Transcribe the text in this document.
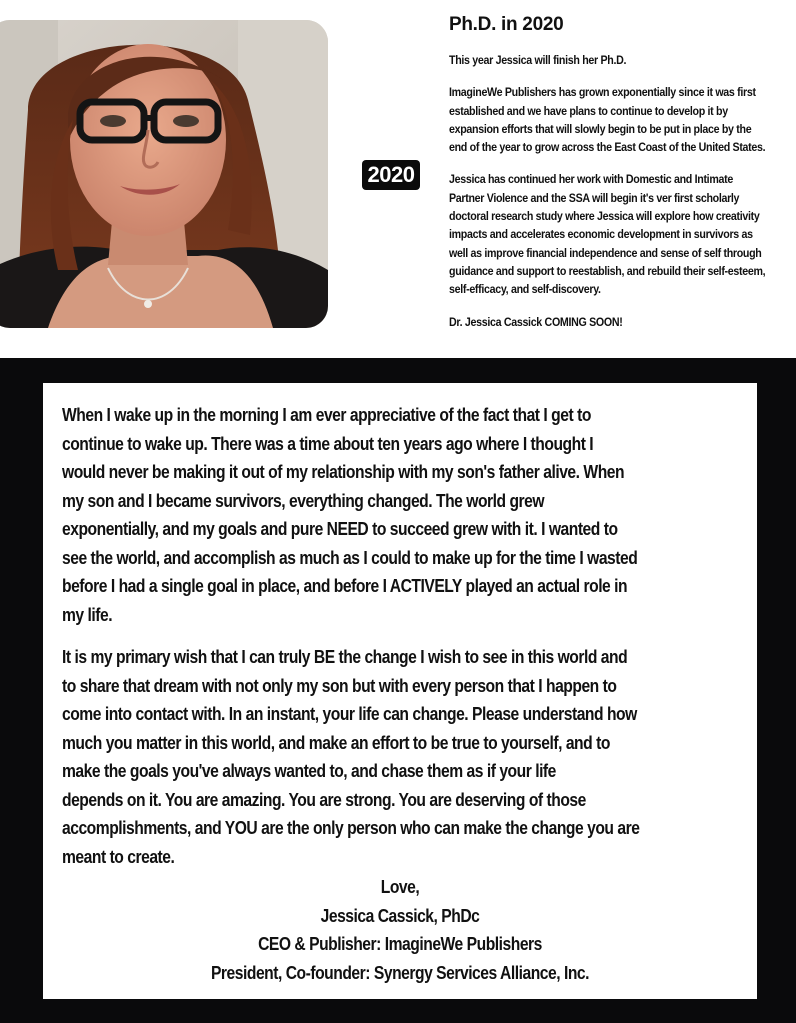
2020
Ph.D. in 2020
This year Jessica will finish her Ph.D.
ImagineWe Publishers has grown exponentially since it was first
established and we have plans to continue to develop it by
expansion efforts that will slowly begin to be put in place by the
end of the year to grow across the East Coast of the United States.
Jessica has continued her work with Domestic and Intimate
Partner Violence and the SSA will begin it's ver first scholarly
doctoral research study where Jessica will explore how creativity
impacts and accelerates economic development in survivors as
well as improve financial independence and sense of self through
guidance and support to reestablish, and rebuild their self-esteem,
self-efficacy, and self-discovery.
Dr. Jessica Cassick COMING SOON!
When I wake up in the morning I am ever appreciative of the fact that I get to
continue to wake up. There was a time about ten years ago where I thought I
would never be making it out of my relationship with my son's father alive. When
my son and I became survivors, everything changed. The world grew
exponentially, and my goals and pure NEED to succeed grew with it. I wanted to
see the world, and accomplish as much as I could to make up for the time I wasted
before I had a single goal in place, and before I ACTIVELY played an actual role in
my life.
It is my primary wish that I can truly BE the change I wish to see in this world and
to share that dream with not only my son but with every person that I happen to
come into contact with. In an instant, your life can change. Please understand how
much you matter in this world, and make an effort to be true to yourself, and to
make the goals you've always wanted to, and chase them as if your life
depends on it. You are amazing. You are strong. You are deserving of those
accomplishments, and YOU are the only person who can make the change you are
meant to create.
Love,
Jessica Cassick, PhDc
CEO & Publisher: ImagineWe Publishers
President, Co-founder: Synergy Services Alliance, Inc.
